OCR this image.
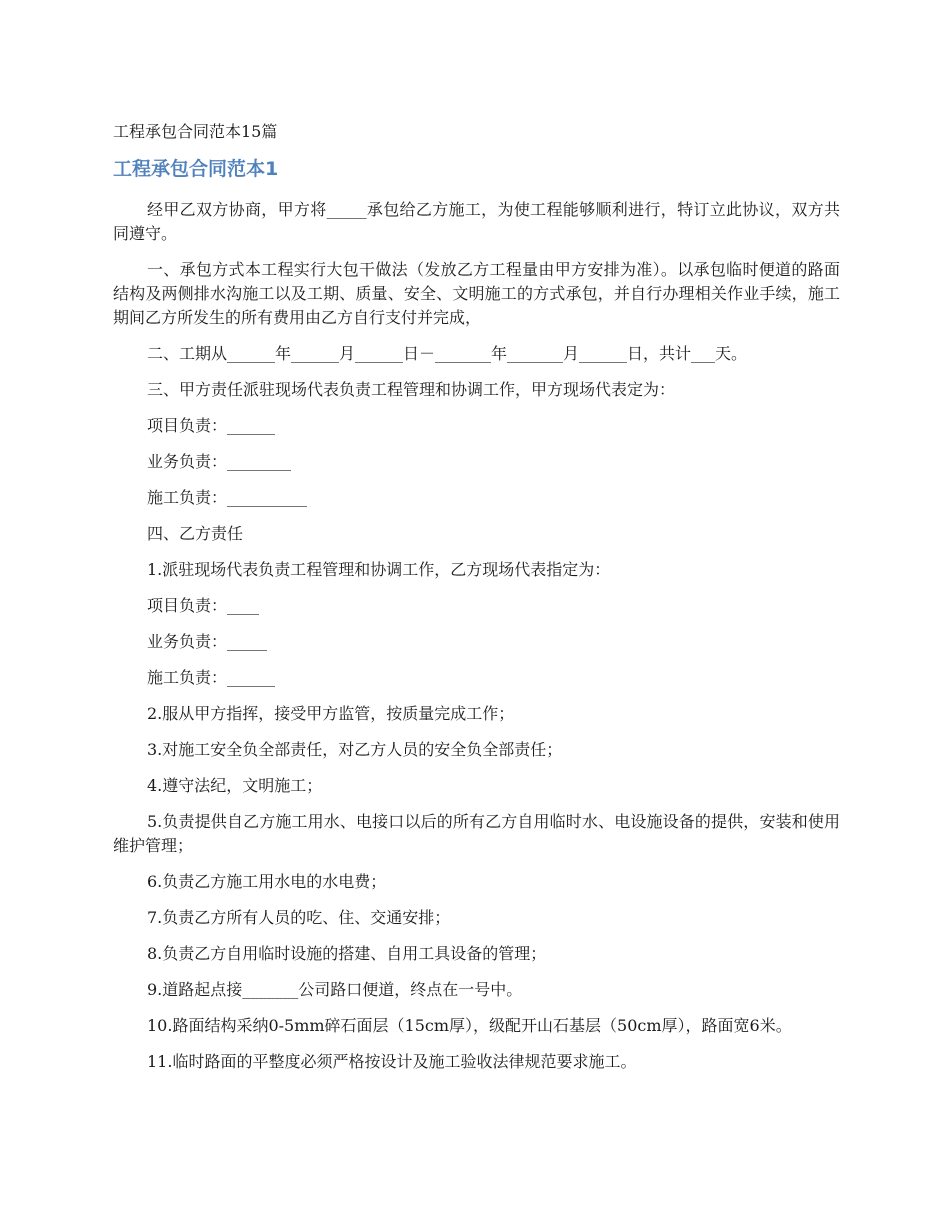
工程承包合同范本15篇

工程承包合同范本1

经甲乙双方协商，甲方将_____承包给乙方施工，为使工程能够顺利进行，特订立此协议，双方共同遵守。

一、承包方式本工程实行大包干做法（发放乙方工程量由甲方安排为准）。以承包临时便道的路面结构及两侧排水沟施工以及工期、质量、安全、文明施工的方式承包，并自行办理相关作业手续，施工期间乙方所发生的所有费用由乙方自行支付并完成，

二、工期从______年______月______日－_______年_______月______日，共计___天。

三、甲方责任派驻现场代表负责工程管理和协调工作，甲方现场代表定为：

项目负责：______

业务负责：________

施工负责：__________

四、乙方责任

1.派驻现场代表负责工程管理和协调工作，乙方现场代表指定为：

项目负责：____

业务负责：_____

施工负责：______

2.服从甲方指挥，接受甲方监管，按质量完成工作；

3.对施工安全负全部责任，对乙方人员的安全负全部责任；

4.遵守法纪，文明施工；

5.负责提供自乙方施工用水、电接口以后的所有乙方自用临时水、电设施设备的提供，安装和使用维护管理；

6.负责乙方施工用水电的水电费；

7.负责乙方所有人员的吃、住、交通安排；

8.负责乙方自用临时设施的搭建、自用工具设备的管理；

9.道路起点接_______公司路口便道，终点在一号中。

10.路面结构采纳0-5mm碎石面层（15cm厚），级配开山石基层（50cm厚），路面宽6米。

11.临时路面的平整度必须严格按设计及施工验收法律规范要求施工。
